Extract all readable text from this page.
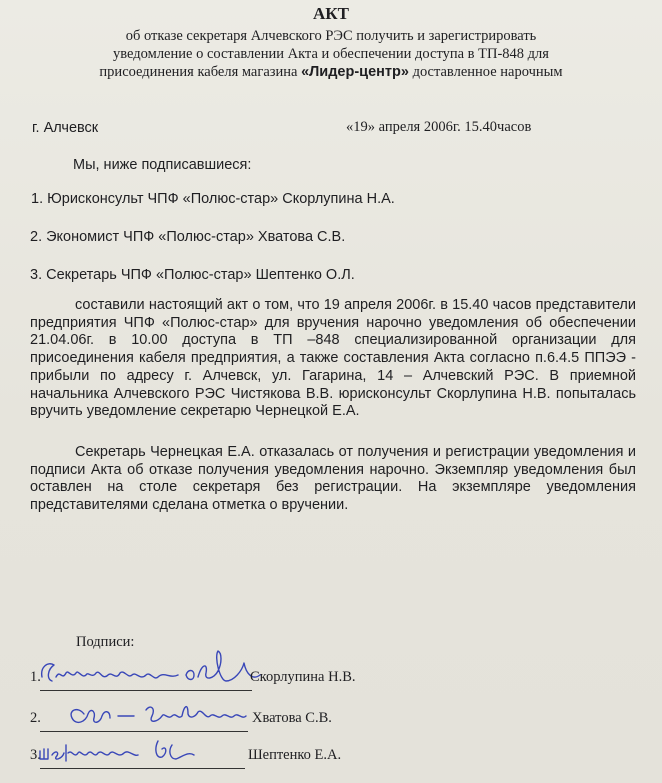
АКТ
об отказе секретаря Алчевского РЭС получить и зарегистрировать
уведомление о составлении Акта и обеспечении доступа в ТП-848 для
присоединения кабеля магазина «Лидер-центр» доставленное нарочным
г. Алчевск	«19» апреля 2006г. 15.40часов
Мы, ниже подписавшиеся:
1. Юрисконсульт ЧПФ «Полюс-стар» Скорлупина Н.А.
2. Экономист ЧПФ «Полюс-стар» Хватова С.В.
3. Секретарь ЧПФ «Полюс-стар» Шептенко О.Л.
составили настоящий акт о том, что 19 апреля 2006г. в 15.40 часов представители предприятия ЧПФ «Полюс-стар» для вручения нарочно уведомления об обеспечении 21.04.06г. в 10.00 доступа в ТП –848 специализированной организации для присоединения кабеля предприятия, а также составления Акта согласно п.6.4.5 ППЭЭ - прибыли по адресу г. Алчевск, ул. Гагарина, 14 – Алчевский РЭС. В приемной начальника Алчевского РЭС Чистякова В.В. юрисконсульт Скорлупина Н.В. попыталась вручить уведомление секретарю Чернецкой Е.А.
Секретарь Чернецкая Е.А. отказалась от получения и регистрации уведомления и подписи Акта об отказе получения уведомления нарочно. Экземпляр уведомления был оставлен на столе секретаря без регистрации. На экземпляре уведомления представителями сделана отметка о вручении.
Подписи:
1.	Скорлупина Н.В.
2.	Хватова С.В.
3.	Шептенко Е.А.
